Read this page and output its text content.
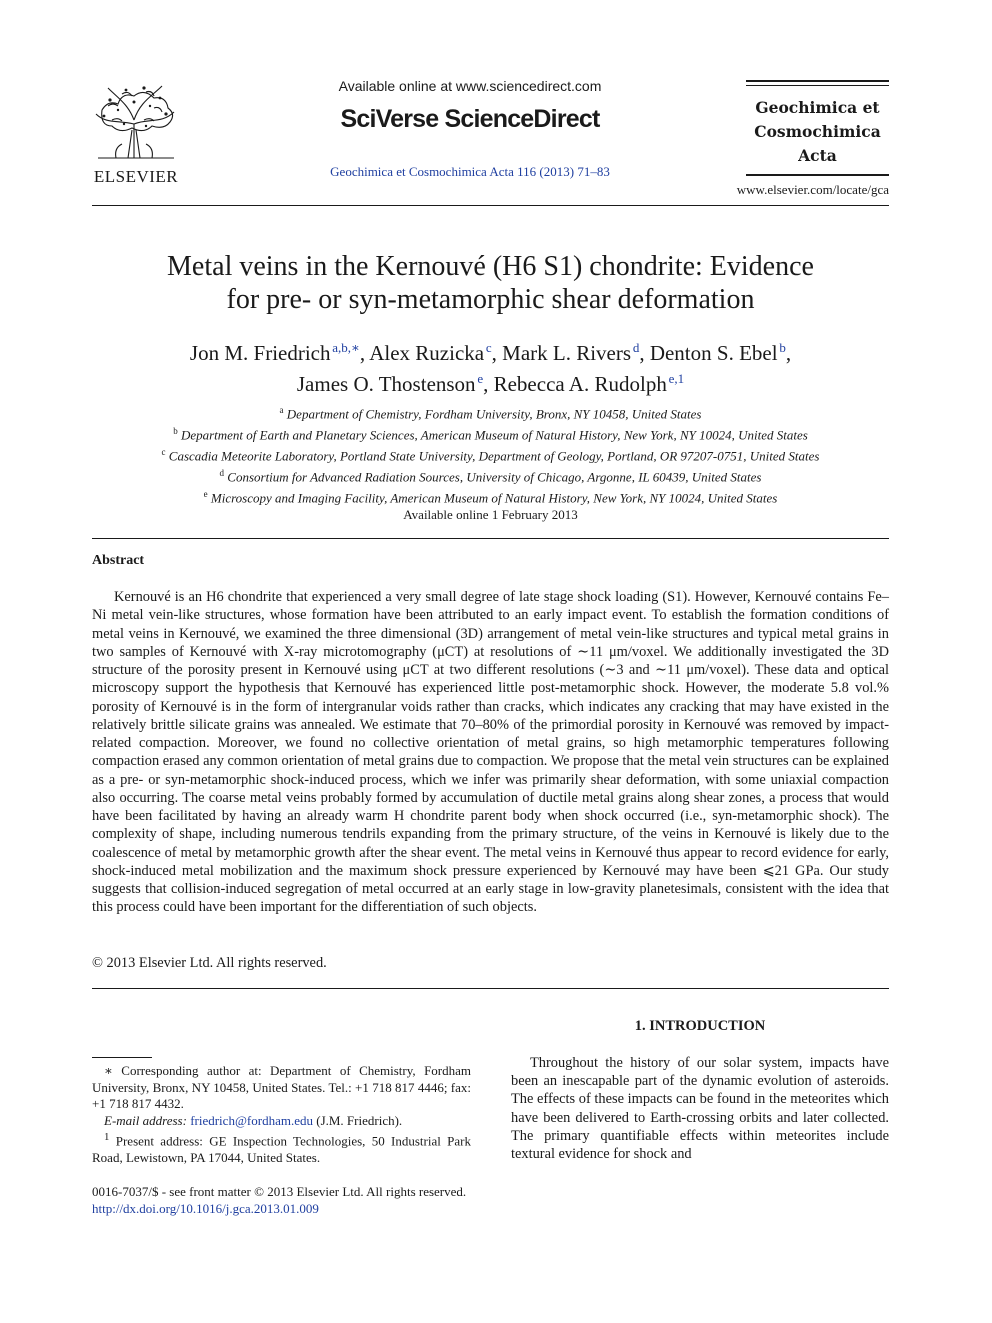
ELSEVIER
Available online at www.sciencedirect.com
SciVerse ScienceDirect
Geochimica et Cosmochimica Acta 116 (2013) 71–83
Geochimica et
Cosmochimica
Acta
www.elsevier.com/locate/gca
Metal veins in the Kernouvé (H6 S1) chondrite: Evidence
for pre- or syn-metamorphic shear deformation
Jon M. Friedrich  $^{a,b,∗}$, Alex Ruzicka  $^c$, Mark L. Rivers  $^d$, Denton S. Ebel  $^b$,
James O. Thostenson  $^e$, Rebecca A. Rudolph  $^{e,1}$
$^a$ Department of Chemistry, Fordham University, Bronx, NY 10458, United States
$^b$ Department of Earth and Planetary Sciences, American Museum of Natural History, New York, NY 10024, United States
$^c$ Cascadia Meteorite Laboratory, Portland State University, Department of Geology, Portland, OR 97207-0751, United States
$^d$ Consortium for Advanced Radiation Sources, University of Chicago, Argonne, IL 60439, United States
$^e$ Microscopy and Imaging Facility, American Museum of Natural History, New York, NY 10024, United States
Available online 1 February 2013
Abstract
Kernouvé is an H6 chondrite that experienced a very small degree of late stage shock loading (S1). However, Kernouvé contains Fe–Ni metal vein-like structures, whose formation have been attributed to an early impact event. To establish the formation conditions of metal veins in Kernouvé, we examined the three dimensional (3D) arrangement of metal vein-like structures and typical metal grains in two samples of Kernouvé with X-ray microtomography (μCT) at resolutions of ∼11 μm/voxel. We additionally investigated the 3D structure of the porosity present in Kernouvé using μCT at two different resolutions (∼3 and ∼11 μm/voxel). These data and optical microscopy support the hypothesis that Kernouvé has experienced little post-metamorphic shock. However, the moderate 5.8 vol.% porosity of Kernouvé is in the form of intergranular voids rather than cracks, which indicates any cracking that may have existed in the relatively brittle silicate grains was annealed. We estimate that 70–80% of the primordial porosity in Kernouvé was removed by impact-related compaction. Moreover, we found no collective orientation of metal grains, so high metamorphic temperatures following compaction erased any common orientation of metal grains due to compaction. We propose that the metal vein structures can be explained as a pre- or syn-metamorphic shock-induced process, which we infer was primarily shear deformation, with some uniaxial compaction also occurring. The coarse metal veins probably formed by accumulation of ductile metal grains along shear zones, a process that would have been facilitated by having an already warm H chondrite parent body when shock occurred (i.e., syn-metamorphic shock). The complexity of shape, including numerous tendrils expanding from the primary structure, of the veins in Kernouvé is likely due to the coalescence of metal by metamorphic growth after the shear event. The metal veins in Kernouvé thus appear to record evidence for early, shock-induced metal mobilization and the maximum shock pressure experienced by Kernouvé may have been ⩽21 GPa. Our study suggests that collision-induced segregation of metal occurred at an early stage in low-gravity planetesimals, consistent with the idea that this process could have been important for the differentiation of such objects.
© 2013 Elsevier Ltd. All rights reserved.
1. INTRODUCTION
Throughout the history of our solar system, impacts have been an inescapable part of the dynamic evolution of asteroids. The effects of these impacts can be found in the meteorites which have been delivered to Earth-crossing orbits and later collected. The primary quantifiable effects within meteorites include textural evidence for shock and

∗ Corresponding author at: Department of Chemistry, Fordham University, Bronx, NY 10458, United States. Tel.: +1 718 817 4446; fax: +1 718 817 4432.

E-mail address: friedrich@fordham.edu (J.M. Friedrich).

$^1$ Present address: GE Inspection Technologies, 50 Industrial Park Road, Lewistown, PA 17044, United States.

0016-7037/$ - see front matter © 2013 Elsevier Ltd. All rights reserved.
http://dx.doi.org/10.1016/j.gca.2013.01.009
